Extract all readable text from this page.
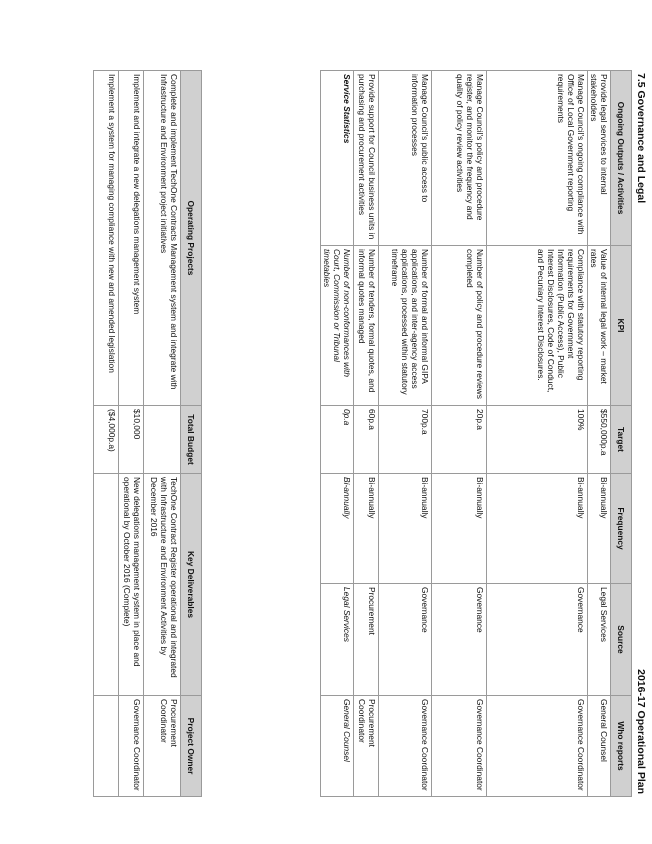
7.5 Governance and Legal
2016-17 Operational Plan
Ongoing Outputs / Activities	KPI	Target	Frequency	Source	Who reports
Provide legal services to internal stakeholders	Value of internal legal work – market rates	$550,000p.a	Bi-annually	Legal Services	General Counsel
Manage Council's ongoing compliance with Office of Local Government reporting requirements	Compliance with statutory reporting requirements for Government Information (Public Access), Public Interest Disclosures, Code of Conduct, and Pecuniary Interest Disclosures.	100%	Bi-annually	Governance	Governance Coordinator
Manage Council's policy and procedure register, and monitor the frequency and quality of policy review activities	Number of policy and procedure reviews completed	20p.a	Bi-annually	Governance	Governance Coordinator
Manage Council's public access to information processes	Number of formal and informal GIPA applications, and inter-agency access applications, processed within statutory timeframe	700p.a	Bi-annually	Governance	Governance Coordinator
Provide support for Council business units in purchasing and procurement activities	Number of tenders, formal quotes, and informal quotes managed	60p.a	Bi-annually	Procurement	Procurement Coordinator
Service Statistics	Number of non-conformances with Court, Commission or Tribunal timetables	0p.a	Bi-annually	Legal Services	General Counsel
Operating Projects	Total Budget	Key Deliverables	Project Owner
Complete and implement TechOne Contracts Management system and integrate with Infrastructure and Environment project initiatives		TechOne Contract Register operational and integrated with Infrastructure and Environment Activities by December 2016	Procurement Coordinator
Implement and integrate a new delegations management system	$10,000	New delegations management system in place and operational by October 2016 (Complete)	Governance Coordinator
Implement a system for managing compliance with new and amended legislation	($4,000p.a)		
